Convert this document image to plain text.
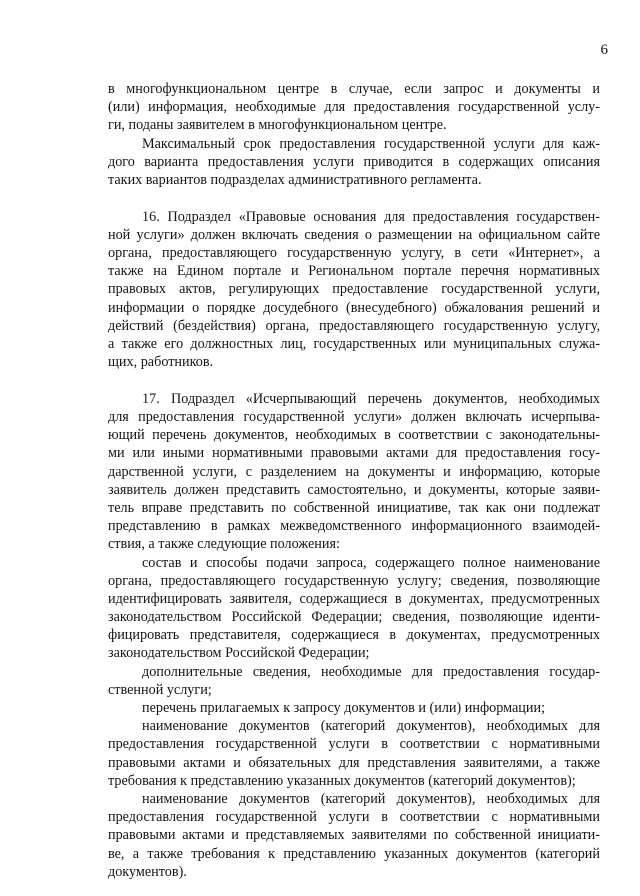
6
в многофункциональном центре в случае, если запрос и документы и
(или) информация, необходимые для предоставления государственной услу-
ги, поданы заявителем в многофункциональном центре.
Максимальный срок предоставления государственной услуги для каж-
дого варианта предоставления услуги приводится в содержащих описания
таких вариантов подразделах административного регламента.
16. Подраздел «Правовые основания для предоставления государствен-
ной услуги» должен включать сведения о размещении на официальном сайте
органа, предоставляющего государственную услугу, в сети «Интернет», а
также на Едином портале и Региональном портале перечня нормативных
правовых актов, регулирующих предоставление государственной услуги,
информации о порядке досудебного (внесудебного) обжалования решений и
действий (бездействия) органа, предоставляющего государственную услугу,
а также его должностных лиц, государственных или муниципальных служа-
щих, работников.
17. Подраздел «Исчерпывающий перечень документов, необходимых
для предоставления государственной услуги» должен включать исчерпыва-
ющий перечень документов, необходимых в соответствии с законодательны-
ми или иными нормативными правовыми актами для предоставления госу-
дарственной услуги, с разделением на документы и информацию, которые
заявитель должен представить самостоятельно, и документы, которые заяви-
тель вправе представить по собственной инициативе, так как они подлежат
представлению в рамках межведомственного информационного взаимодей-
ствия, а также следующие положения:
состав и способы подачи запроса, содержащего полное наименование
органа, предоставляющего государственную услугу; сведения, позволяющие
идентифицировать заявителя, содержащиеся в документах, предусмотренных
законодательством Российской Федерации; сведения, позволяющие иденти-
фицировать представителя, содержащиеся в документах, предусмотренных
законодательством Российской Федерации;
дополнительные сведения, необходимые для предоставления государ-
ственной услуги;
перечень прилагаемых к запросу документов и (или) информации;
наименование документов (категорий документов), необходимых для
предоставления государственной услуги в соответствии с нормативными
правовыми актами и обязательных для представления заявителями, а также
требования к представлению указанных документов (категорий документов);
наименование документов (категорий документов), необходимых для
предоставления государственной услуги в соответствии с нормативными
правовыми актами и представляемых заявителями по собственной инициати-
ве, а также требования к представлению указанных документов (категорий
документов).
